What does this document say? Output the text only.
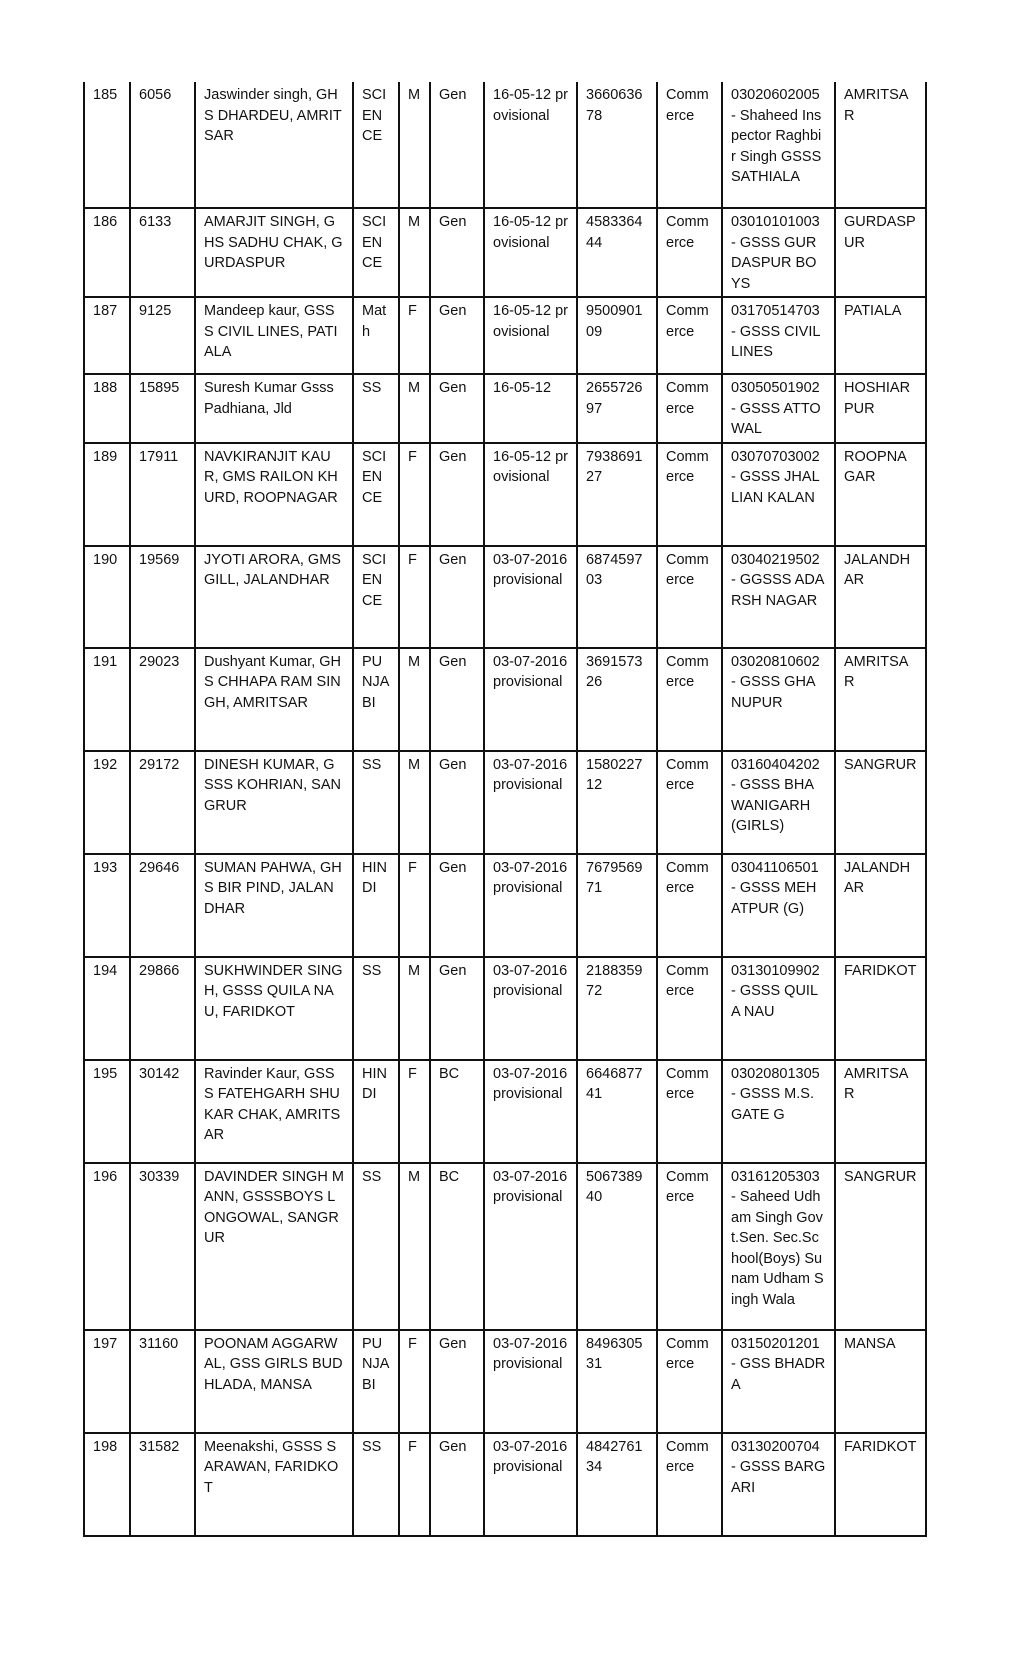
185	6056	Jaswinder singh, GHS DHARDEU, AMRITSAR	SCIENCE	M	Gen	16-05-12 provisional	366063678	Commerce	03020602005 - Shaheed Inspector Raghbir Singh GSSS SATHIALA	AMRITSAR
186	6133	AMARJIT SINGH, GHS SADHU CHAK, GURDASPUR	SCIENCE	M	Gen	16-05-12 provisional	458336444	Commerce	03010101003 - GSSS GURDASPUR BOYS	GURDASPUR
187	9125	Mandeep kaur, GSSS CIVIL LINES, PATIALA	Math	F	Gen	16-05-12 provisional	950090109	Commerce	03170514703 - GSSS CIVIL LINES	PATIALA
188	15895	Suresh Kumar Gsss Padhiana, Jld	SS	M	Gen	16-05-12	265572697	Commerce	03050501902 - GSSS ATTOWAL	HOSHIARPUR
189	17911	NAVKIRANJIT KAUR, GMS RAILON KHURD, ROOPNAGAR	SCIENCE	F	Gen	16-05-12 provisional	793869127	Commerce	03070703002 - GSSS JHALLIAN KALAN	ROOPNAGAR
190	19569	JYOTI ARORA, GMS GILL, JALANDHAR	SCIENCE	F	Gen	03-07-2016 provisional	687459703	Commerce	03040219502 - GGSSS ADARSH NAGAR	JALANDHAR
191	29023	Dushyant Kumar, GHS CHHAPA RAM SINGH, AMRITSAR	PUNJABI	M	Gen	03-07-2016 provisional	369157326	Commerce	03020810602 - GSSS GHANUPUR	AMRITSAR
192	29172	DINESH KUMAR, GSSS KOHRIAN, SANGRUR	SS	M	Gen	03-07-2016 provisional	158022712	Commerce	03160404202 - GSSS BHAWANIGARH (GIRLS)	SANGRUR
193	29646	SUMAN PAHWA, GHS BIR PIND, JALANDHAR	HINDI	F	Gen	03-07-2016 provisional	767956971	Commerce	03041106501 - GSSS MEHATPUR (G)	JALANDHAR
194	29866	SUKHWINDER SINGH, GSSS QUILA NAU, FARIDKOT	SS	M	Gen	03-07-2016 provisional	218835972	Commerce	03130109902 - GSSS QUILA NAU	FARIDKOT
195	30142	Ravinder Kaur, GSSS FATEHGARH SHUKAR CHAK, AMRITSAR	HINDI	F	BC	03-07-2016 provisional	664687741	Commerce	03020801305 - GSSS M.S. GATE G	AMRITSAR
196	30339	DAVINDER SINGH MANN, GSSSBOYS LONGOWAL, SANGRUR	SS	M	BC	03-07-2016 provisional	506738940	Commerce	03161205303 - Saheed Udham Singh Govt.Sen. Sec.School(Boys) Sunam Udham Singh Wala	SANGRUR
197	31160	POONAM AGGARWAL, GSS GIRLS BUDHLADA, MANSA	PUNJABI	F	Gen	03-07-2016 provisional	849630531	Commerce	03150201201 - GSS BHADRA	MANSA
198	31582	Meenakshi, GSSS SARAWAN, FARIDKOT	SS	F	Gen	03-07-2016 provisional	484276134	Commerce	03130200704 - GSSS BARGARI	FARIDKOT
